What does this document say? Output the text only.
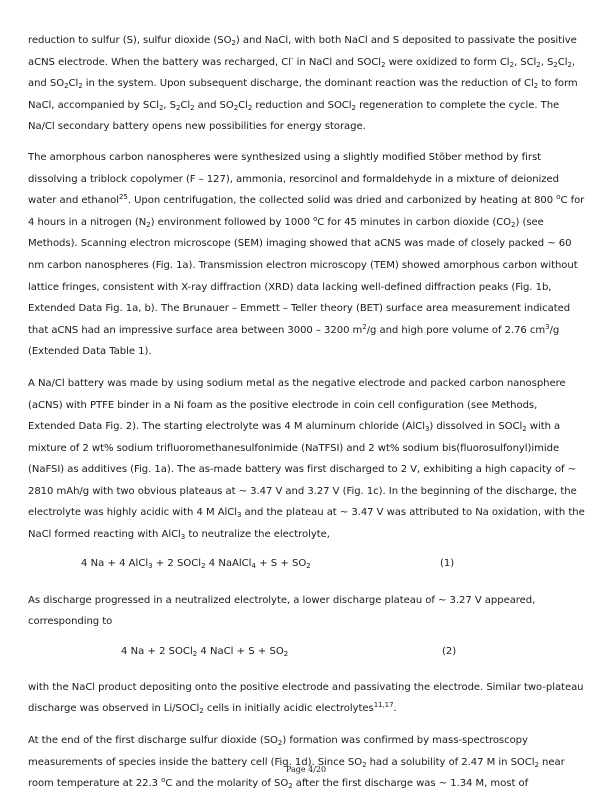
reduction to sulfur (S), sulfur dioxide $(SO_2)$ and NaCl, with both NaCl and S deposited to passivate the positive aCNS electrode. When the battery was recharged, Cl- in NaCl and SOCl$_2$ were oxidized to form $Cl_2$, SCl$_2$, $S_2Cl_2$, and $SO_2Cl_2$ in the system. Upon subsequent discharge, the dominant reaction was the reduction of $Cl_2$ to form NaCl, accompanied by SCl$_2$, $S_2Cl_2$ and $SO_2Cl_2$ reduction and SOCl$_2$ regeneration to complete the cycle. The Na/Cl secondary battery opens new possibilities for energy storage.

The amorphous carbon nanospheres were synthesized using a slightly modified Stöber method by first dissolving a triblock copolymer (F – 127), ammonia, resorcinol and formaldehyde in a mixture of deionized water and ethanol$^{25}$. Upon centrifugation, the collected solid was dried and carbonized by heating at 800 $^o$C for 4 hours in a nitrogen $(N_2)$ environment followed by 1000 $^o$C for 45 minutes in carbon dioxide $(CO_2)$ (see Methods). Scanning electron microscope (SEM) imaging showed that aCNS was made of closely packed ~ 60 nm carbon nanospheres (Fig. 1a). Transmission electron microscopy (TEM) showed amorphous carbon without lattice fringes, consistent with X-ray diffraction (XRD) data lacking well-defined diffraction peaks (Fig. 1b, Extended Data Fig. 1a, b). The Brunauer – Emmett – Teller theory (BET) surface area measurement indicated that aCNS had an impressive surface area between 3000 – 3200 $m^2/g$ and high pore volume of 2.76 $cm^3/g$ (Extended Data Table 1).

A Na/Cl battery was made by using sodium metal as the negative electrode and packed carbon nanosphere (aCNS) with PTFE binder in a Ni foam as the positive electrode in coin cell configuration (see Methods, Extended Data Fig. 2). The starting electrolyte was 4 M aluminum chloride (AlCl$_3$) dissolved in SOCl$_2$ with a mixture of 2 wt% sodium trifluoromethanesulfonimide (NaTFSI) and 2 wt% sodium bis(fluorosulfonyl)imide (NaFSI) as additives (Fig. 1a). The as-made battery was first discharged to 2 V, exhibiting a high capacity of ~ 2810 mAh/g with two obvious plateaus at ~ 3.47 V and 3.27 V (Fig. 1c). In the beginning of the discharge, the electrolyte was highly acidic with 4 M AlCl$_3$ and the plateau at ~ 3.47 V was attributed to Na oxidation, with the NaCl formed reacting with AlCl$_3$ to neutralize the electrolyte,

4 Na + 4 AlCl$_3$ + 2 SOCl$_2$ 4 NaAlCl$_4$ + $S + SO_2$	(1)

As discharge progressed in a neutralized electrolyte, a lower discharge plateau of ~ 3.27 V appeared, corresponding to

4 Na + 2 SOCl$_2$ 4 NaCl + $S + SO_2$	(2)

with the NaCl product depositing onto the positive electrode and passivating the electrode. Similar two-plateau discharge was observed in Li/SOCl$_2$ cells in initially acidic electrolytes$^{11,17}$.

At the end of the first discharge sulfur dioxide $(SO_2)$ formation was confirmed by mass-spectroscopy measurements of species inside the battery cell (Fig. 1d). Since $SO_2$ had a solubility of 2.47 M in SOCl$_2$ near room temperature at 22.3 $^o$C and the molarity of $SO_2$ after the first discharge was ~ 1.34 M, most of

Page 4/20
